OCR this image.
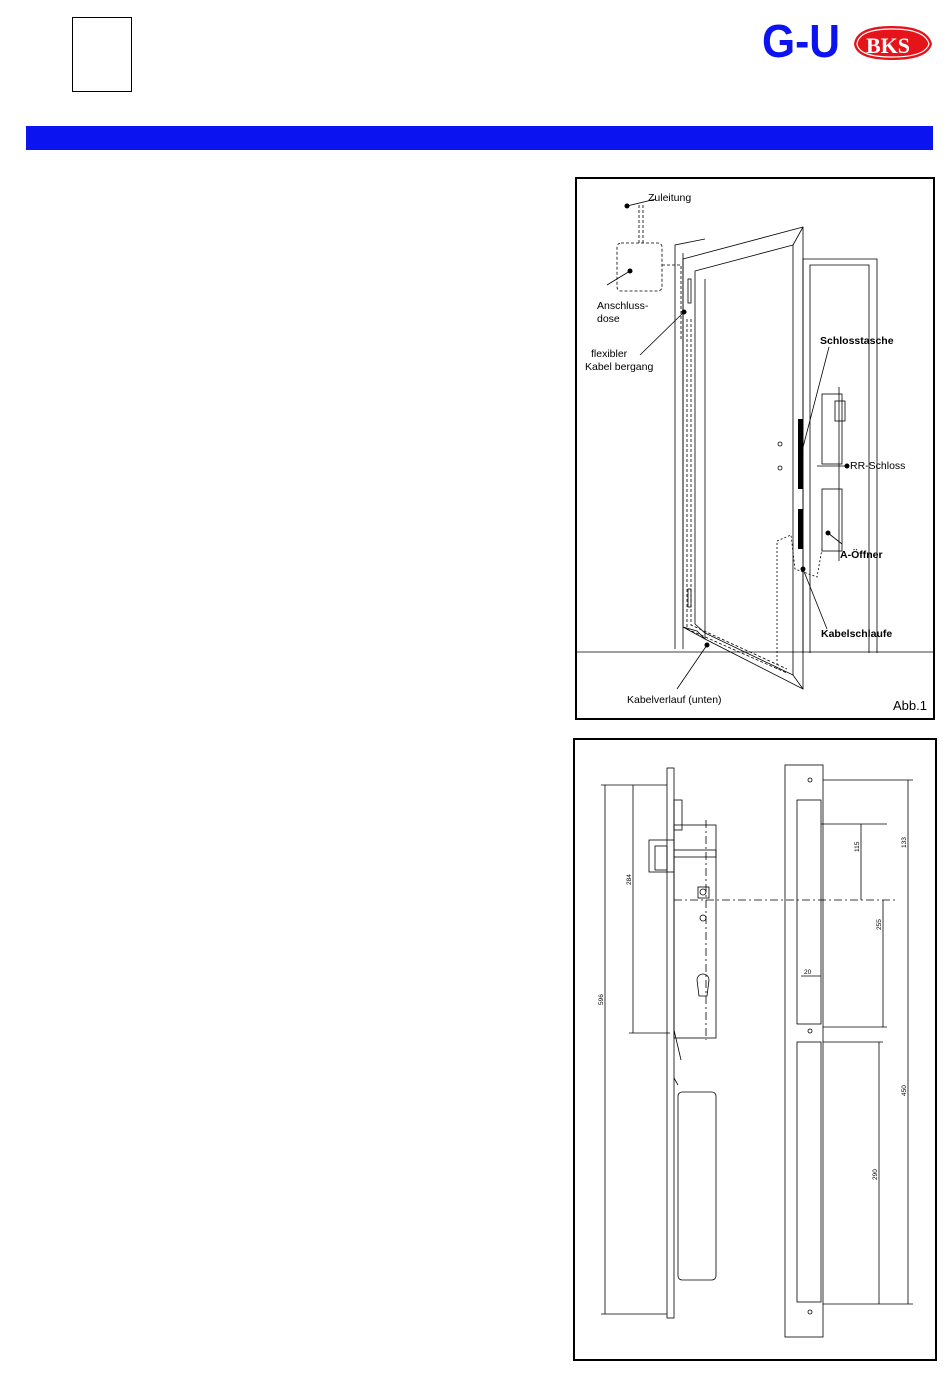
G-U BKS
Zuleitung
Anschluss-
dose
flexibler
Kabel bergang
Schlosstasche
RR-Schloss
A-Öffner
Kabelschlaufe
Kabelverlauf (unten)	Abb.1
596
284
115	133
255
20
450
290
